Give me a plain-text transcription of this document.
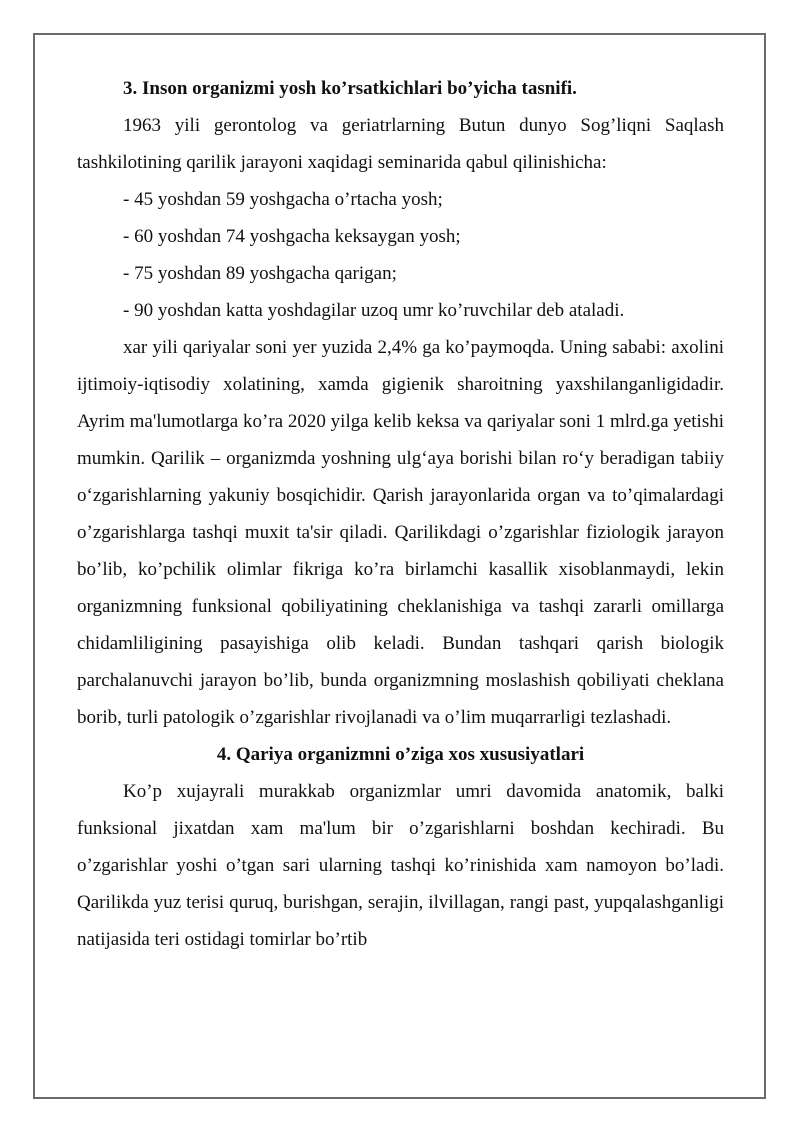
3. Inson organizmi yosh ko’rsatkichlari bo’yicha tasnifi.

1963 yili gerontolog va geriatrlarning Butun dunyo Sog’liqni Saqlash tashkilotining qarilik jarayoni xaqidagi seminarida qabul qilinishicha:

- 45 yoshdan 59 yoshgacha o’rtacha yosh;

- 60 yoshdan 74 yoshgacha keksaygan yosh;

- 75 yoshdan 89 yoshgacha qarigan;

- 90 yoshdan katta yoshdagilar uzoq umr ko’ruvchilar deb ataladi.

xar yili qariyalar soni yer yuzida 2,4% ga ko’paymoqda. Uning sababi: axolini ijtimoiy-iqtisodiy xolatining, xamda gigienik sharoitning yaxshilanganligidadir. Ayrim ma'lumotlarga ko’ra 2020 yilga kelib keksa va qariyalar soni 1 mlrd.ga yetishi mumkin. Qarilik – organizmda yoshning ulg‘aya borishi bilan ro‘y beradigan tabiiy o‘zgarishlarning yakuniy bosqichidir. Qarish jarayonlarida organ va to’qimalardagi o’zgarishlarga tashqi muxit ta'sir qiladi. Qarilikdagi o’zgarishlar fiziologik jarayon bo’lib, ko’pchilik olimlar fikriga ko’ra birlamchi kasallik xisoblanmaydi, lekin organizmning funksional qobiliyatining cheklanishiga va tashqi zararli omillarga chidamliligining pasayishiga olib keladi. Bundan tashqari qarish biologik parchalanuvchi jarayon bo’lib, bunda organizmning moslashish qobiliyati cheklana borib, turli patologik o’zgarishlar rivojlanadi va o’lim muqarrarligi tezlashadi.

4. Qariya organizmni o’ziga xos xususiyatlari

Ko’p xujayrali murakkab organizmlar umri davomida anatomik, balki funksional jixatdan xam ma'lum bir o’zgarishlarni boshdan kechiradi. Bu o’zgarishlar yoshi o’tgan sari ularning tashqi ko’rinishida xam namoyon bo’ladi. Qarilikda yuz terisi quruq, burishgan, serajin, ilvillagan, rangi past, yupqalashganligi natijasida teri ostidagi tomirlar bo’rtib
